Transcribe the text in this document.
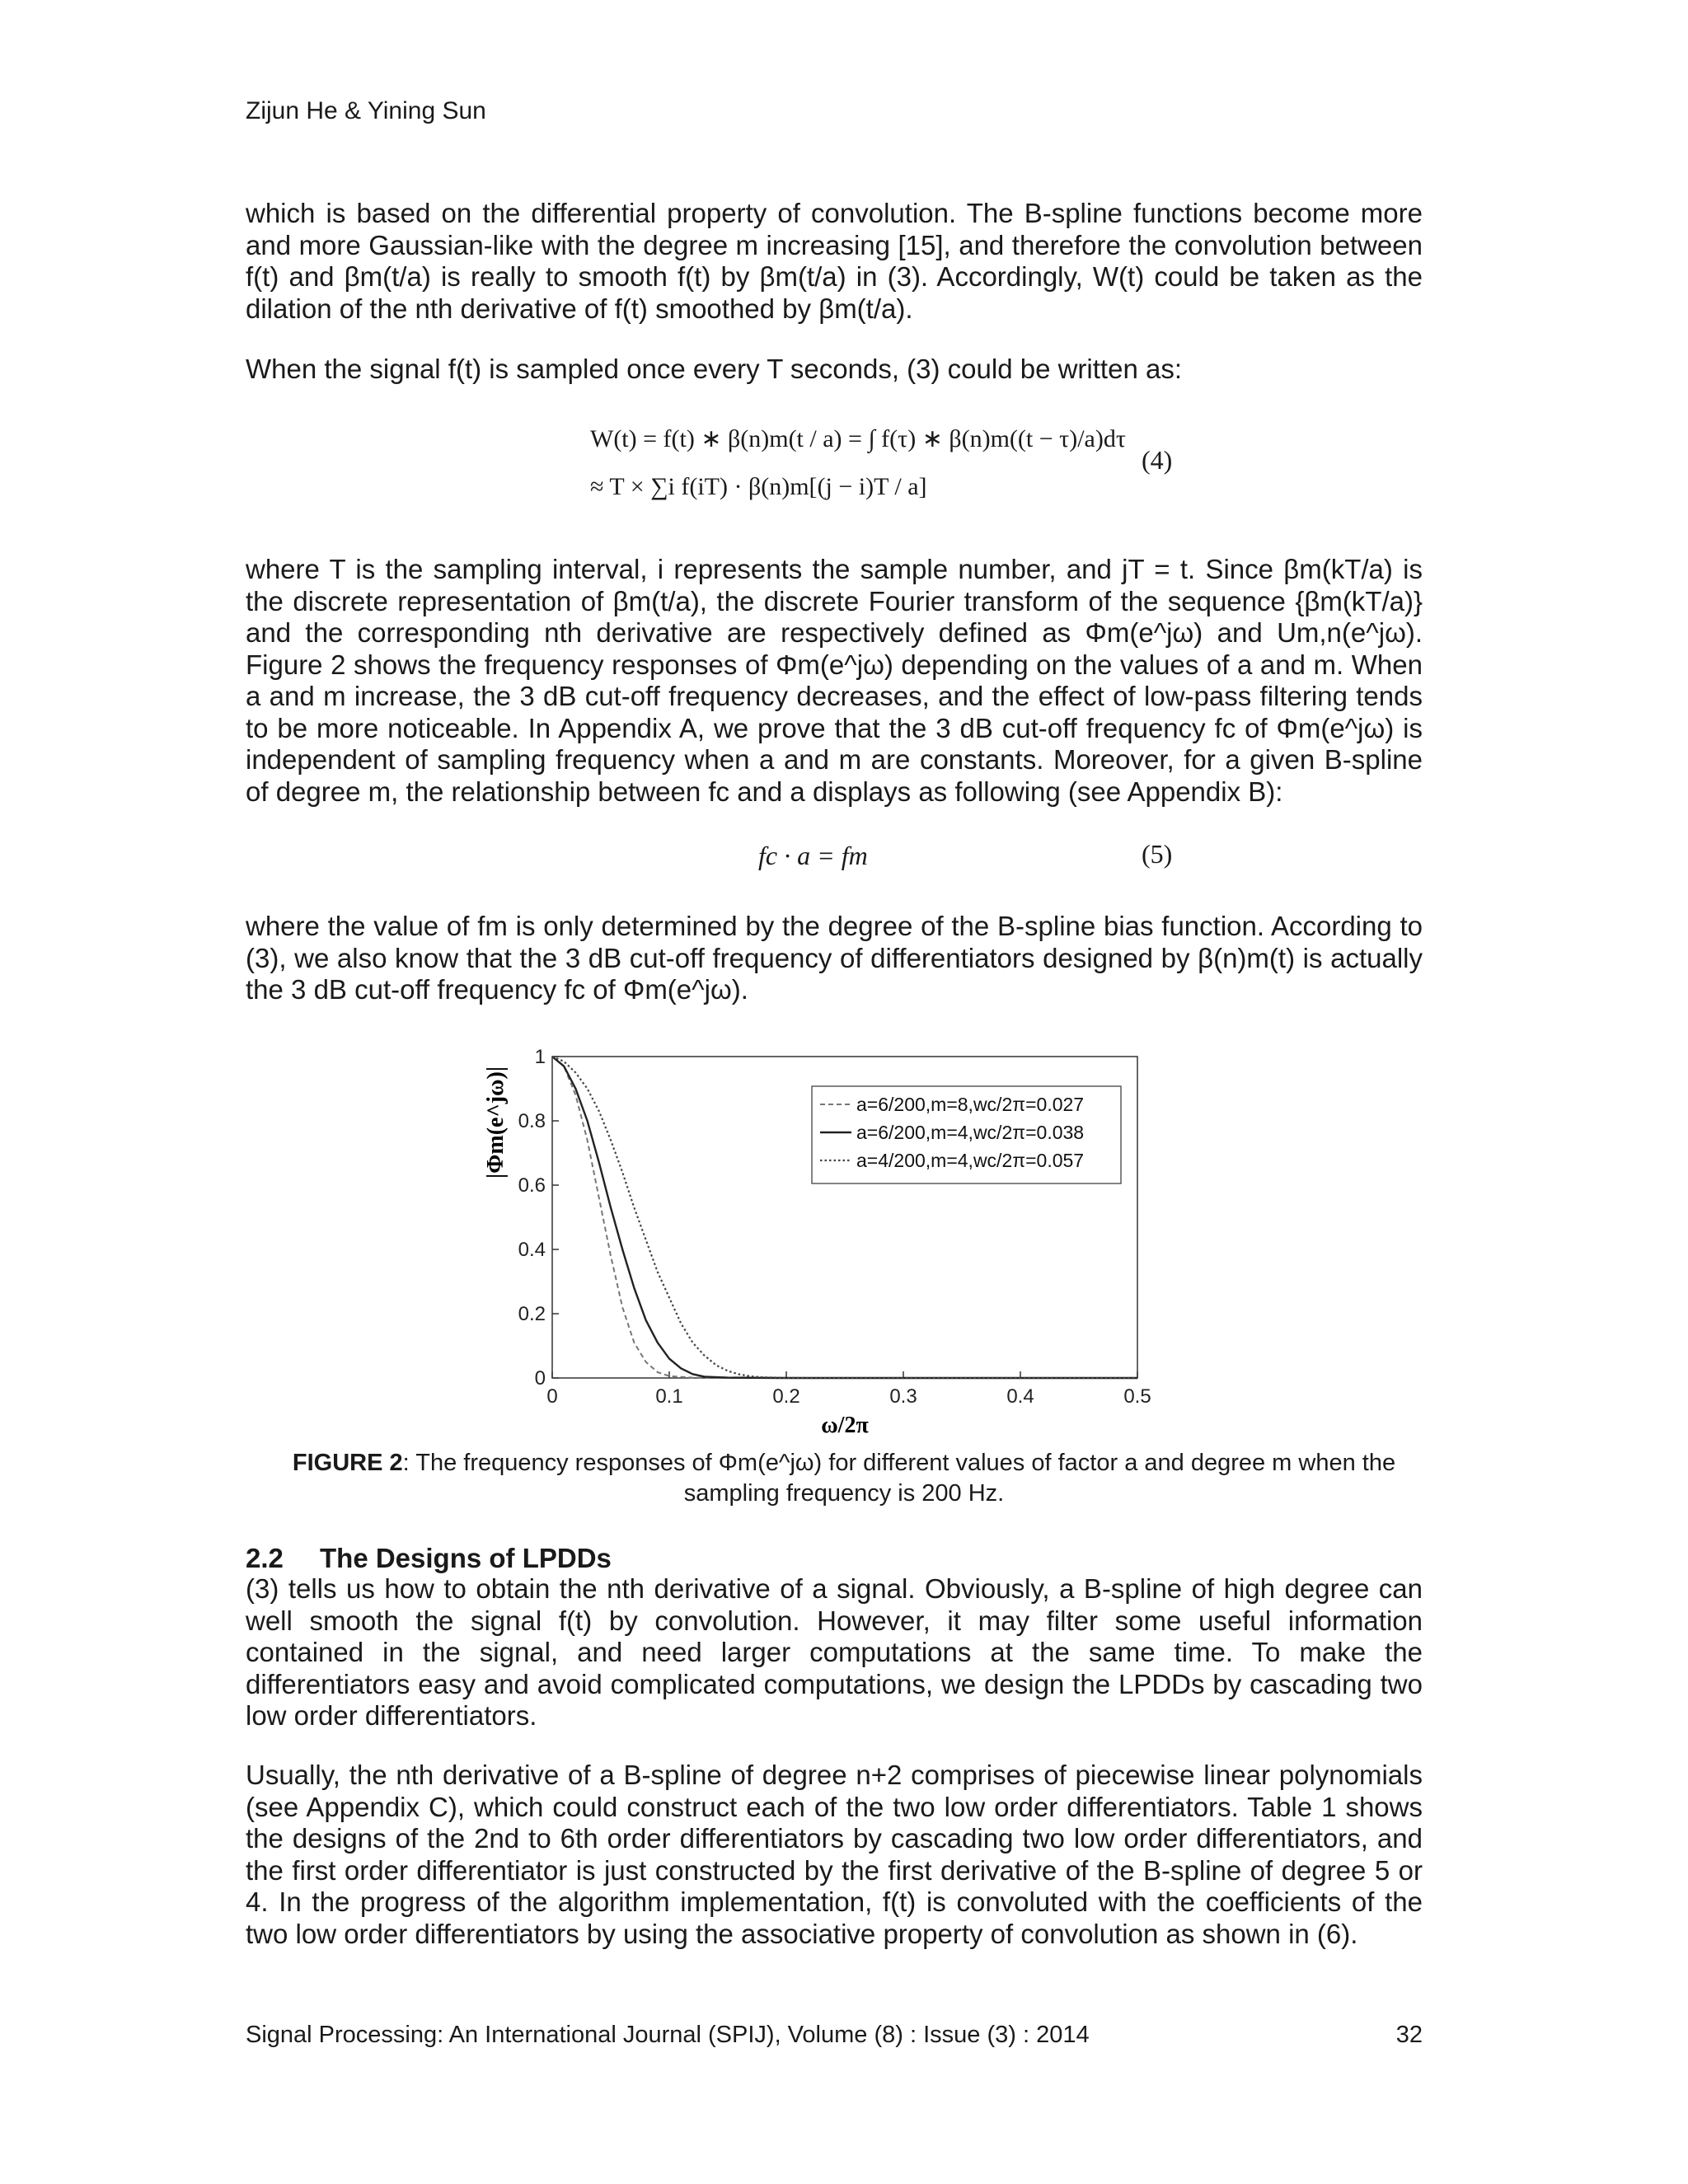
Zijun He & Yining Sun

which is based on the differential property of convolution. The B-spline functions become more and more Gaussian-like with the degree m increasing [15], and therefore the convolution between f(t) and βm(t/a) is really to smooth f(t) by βm(t/a) in (3). Accordingly, W(t) could be taken as the dilation of the nth derivative of f(t) smoothed by βm(t/a).

When the signal f(t) is sampled once every T seconds, (3) could be written as:

W(t) = f(t) ∗ β(n)m(t / a) = ∫ f(τ) ∗ β(n)m((t − τ)/a)dτ
≈ T × ∑i f(iT) · β(n)m[(j − i)T / a]
(4)

where T is the sampling interval, i represents the sample number, and jT = t. Since βm(kT/a) is the discrete representation of βm(t/a), the discrete Fourier transform of the sequence {βm(kT/a)} and the corresponding nth derivative are respectively defined as Φm(e^jω) and Um,n(e^jω). Figure 2 shows the frequency responses of Φm(e^jω) depending on the values of a and m. When a and m increase, the 3 dB cut-off frequency decreases, and the effect of low-pass filtering tends to be more noticeable. In Appendix A, we prove that the 3 dB cut-off frequency fc of Φm(e^jω) is independent of sampling frequency when a and m are constants. Moreover, for a given B-spline of degree m, the relationship between fc and a displays as following (see Appendix B):

fc · a = fm	(5)

where the value of fm is only determined by the degree of the B-spline bias function. According to (3), we also know that the 3 dB cut-off frequency of differentiators designed by β(n)m(t) is actually the 3 dB cut-off frequency fc of Φm(e^jω).

0	0.1	0.2	0.3	0.4	0.5
0
0.2
0.4
0.6
0.8
1
a=6/200,m=8,wc/2π=0.027
a=6/200,m=4,wc/2π=0.038
a=4/200,m=4,wc/2π=0.057
ω/2π
|Φm(e^jω)|
FIGURE 2: The frequency responses of Φm(e^jω) for different values of factor a and degree m when the sampling frequency is 200 Hz.
2.2 The Designs of LPDDs

(3) tells us how to obtain the nth derivative of a signal. Obviously, a B-spline of high degree can well smooth the signal f(t) by convolution. However, it may filter some useful information contained in the signal, and need larger computations at the same time. To make the differentiators easy and avoid complicated computations, we design the LPDDs by cascading two low order differentiators.

Usually, the nth derivative of a B-spline of degree n+2 comprises of piecewise linear polynomials (see Appendix C), which could construct each of the two low order differentiators. Table 1 shows the designs of the 2nd to 6th order differentiators by cascading two low order differentiators, and the first order differentiator is just constructed by the first derivative of the B-spline of degree 5 or 4. In the progress of the algorithm implementation, f(t) is convoluted with the coefficients of the two low order differentiators by using the associative property of convolution as shown in (6).

Signal Processing: An International Journal (SPIJ), Volume (8) : Issue (3) : 2014	32
